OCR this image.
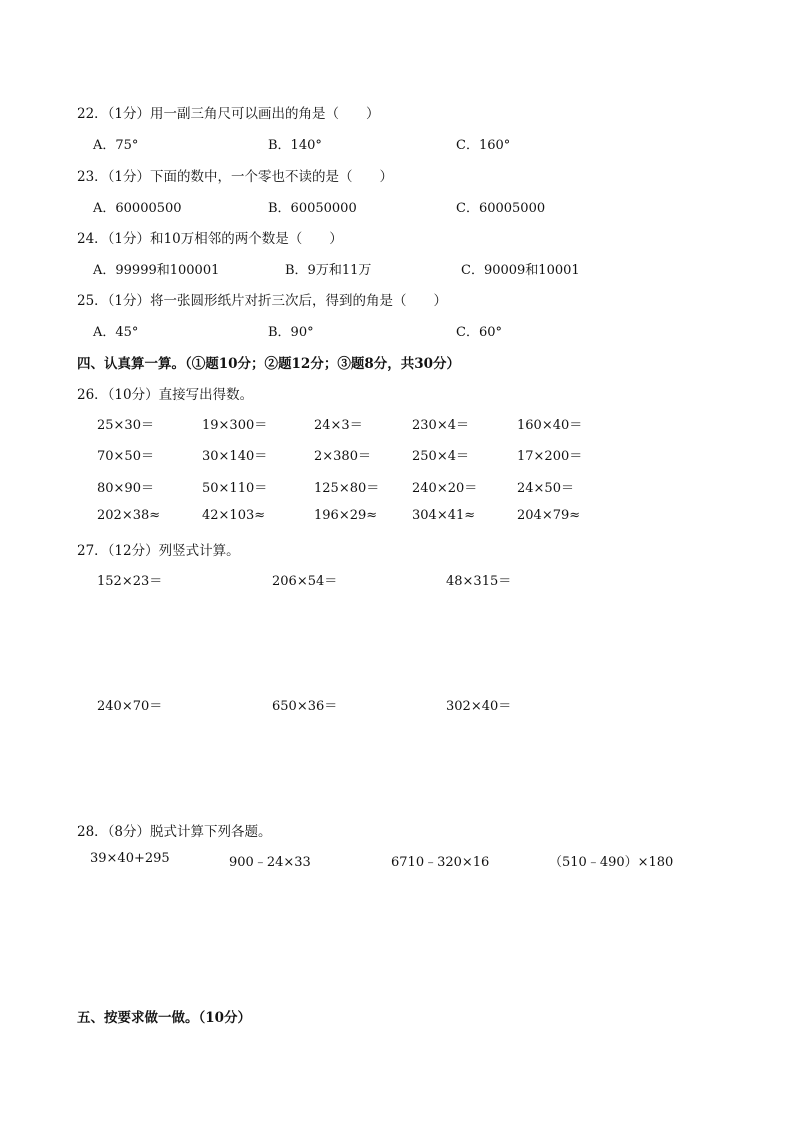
22．（1分）用一副三角尺可以画出的角是（　　）
A．75°	B．140°	C．160°
23．（1分）下面的数中，一个零也不读的是（　　）
A．60000500	B．60050000	C．60005000
24．（1分）和10万相邻的两个数是（　　）
A．99999和100001	B．9万和11万	C．90009和10001
25．（1分）将一张圆形纸片对折三次后，得到的角是（　　）
A．45°	B．90°	C．60°
四、认真算一算。（①题10分；②题12分；③题8分，共30分）
26．（10分）直接写出得数。
25×30＝	19×300＝	24×3＝	230×4＝	160×40＝
70×50＝	30×140＝	2×380＝	250×4＝	17×200＝
80×90＝	50×110＝	125×80＝	240×20＝	24×50＝
202×38≈	42×103≈	196×29≈	304×41≈	204×79≈
27．（12分）列竖式计算。
152×23＝	206×54＝	48×315＝
240×70＝	650×36＝	302×40＝
28．（8分）脱式计算下列各题。
39×40+295	900﹣24×33	6710﹣320×16	（510﹣490）×180
五、按要求做一做。（10分）
